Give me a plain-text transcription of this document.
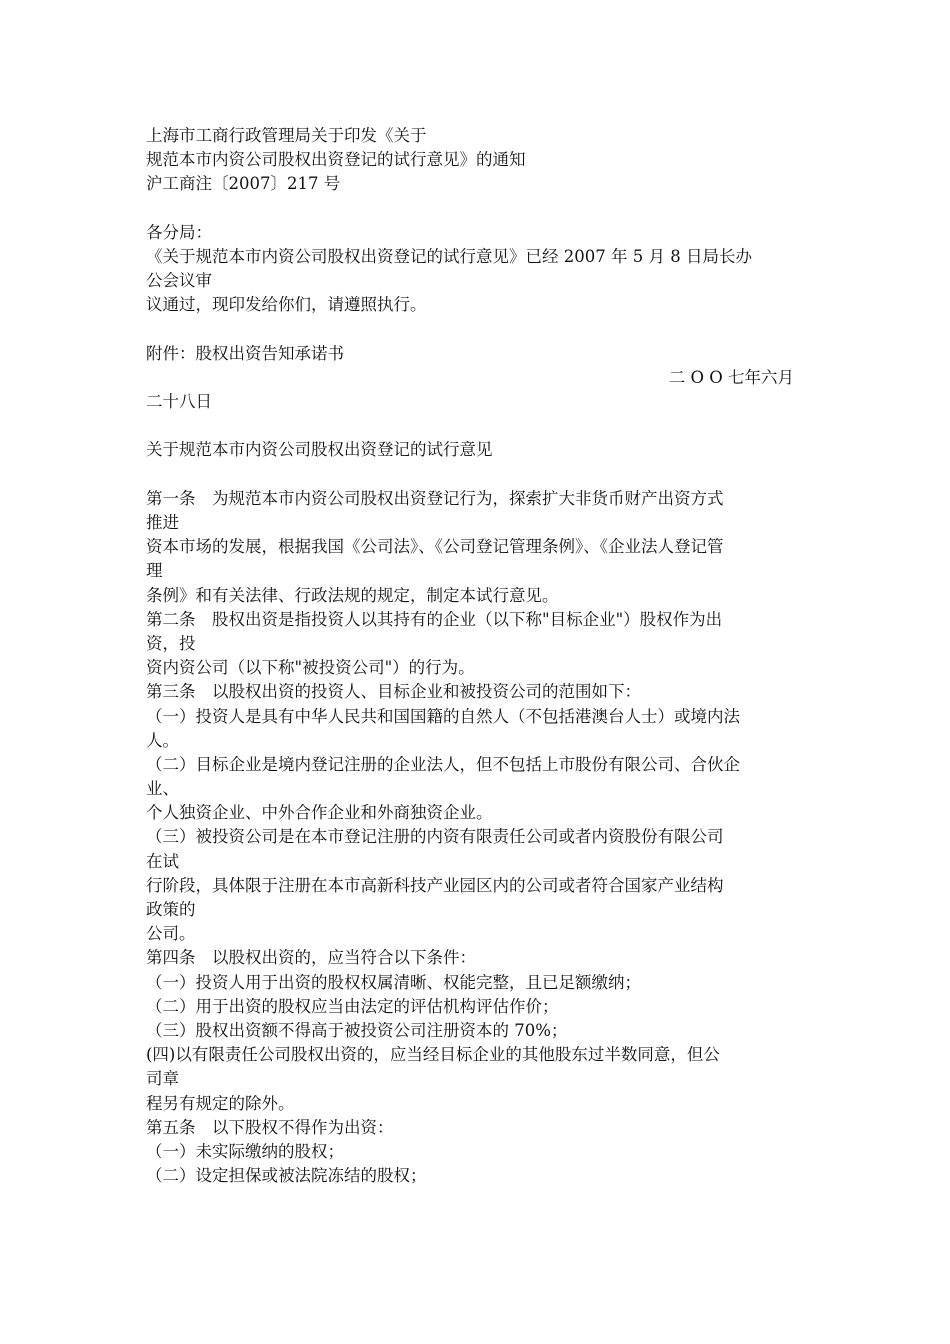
上海市工商行政管理局关于印发《关于
规范本市内资公司股权出资登记的试行意见》的通知
沪工商注〔2007〕217 号
各分局：
《关于规范本市内资公司股权出资登记的试行意见》已经 2007 年 5 月 8 日局长办
公会议审
议通过，现印发给你们，请遵照执行。
附件：股权出资告知承诺书
二 O O 七年六月
二十八日
关于规范本市内资公司股权出资登记的试行意见
第一条　为规范本市内资公司股权出资登记行为，探索扩大非货币财产出资方式
推进
资本市场的发展，根据我国《公司法》、《公司登记管理条例》、《企业法人登记管
理
条例》和有关法律、行政法规的规定，制定本试行意见。
第二条　股权出资是指投资人以其持有的企业（以下称"目标企业"）股权作为出
资，投
资内资公司（以下称"被投资公司"）的行为。
第三条　以股权出资的投资人、目标企业和被投资公司的范围如下：
（一）投资人是具有中华人民共和国国籍的自然人（不包括港澳台人士）或境内法
人。
（二）目标企业是境内登记注册的企业法人，但不包括上市股份有限公司、合伙企
业、
个人独资企业、中外合作企业和外商独资企业。
（三）被投资公司是在本市登记注册的内资有限责任公司或者内资股份有限公司
在试
行阶段，具体限于注册在本市高新科技产业园区内的公司或者符合国家产业结构
政策的
公司。
第四条　以股权出资的，应当符合以下条件：
（一）投资人用于出资的股权权属清晰、权能完整，且已足额缴纳；
（二）用于出资的股权应当由法定的评估机构评估作价；
（三）股权出资额不得高于被投资公司注册资本的 70%；
(四)以有限责任公司股权出资的，应当经目标企业的其他股东过半数同意，但公
司章
程另有规定的除外。
第五条　以下股权不得作为出资：
（一）未实际缴纳的股权；
（二）设定担保或被法院冻结的股权；
